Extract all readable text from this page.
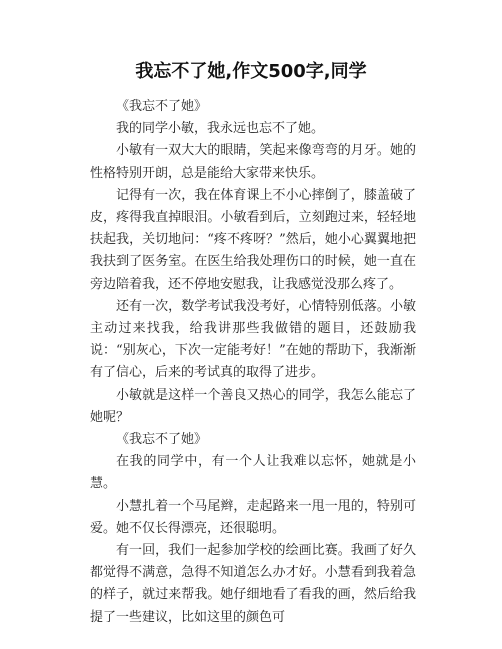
我忘不了她,作文500字,同学

《我忘不了她》

我的同学小敏，我永远也忘不了她。

小敏有一双大大的眼睛，笑起来像弯弯的月牙。她的性格特别开朗，总是能给大家带来快乐。

记得有一次，我在体育课上不小心摔倒了，膝盖破了皮，疼得我直掉眼泪。小敏看到后，立刻跑过来，轻轻地扶起我，关切地问：“疼不疼呀？”然后，她小心翼翼地把我扶到了医务室。在医生给我处理伤口的时候，她一直在旁边陪着我，还不停地安慰我，让我感觉没那么疼了。

还有一次，数学考试我没考好，心情特别低落。小敏主动过来找我，给我讲那些我做错的题目，还鼓励我说：“别灰心，下次一定能考好！”在她的帮助下，我渐渐有了信心，后来的考试真的取得了进步。

小敏就是这样一个善良又热心的同学，我怎么能忘了她呢？

《我忘不了她》

在我的同学中，有一个人让我难以忘怀，她就是小慧。

小慧扎着一个马尾辫，走起路来一甩一甩的，特别可爱。她不仅长得漂亮，还很聪明。

有一回，我们一起参加学校的绘画比赛。我画了好久都觉得不满意，急得不知道怎么办才好。小慧看到我着急的样子，就过来帮我。她仔细地看了看我的画，然后给我提了一些建议，比如这里的颜色可
